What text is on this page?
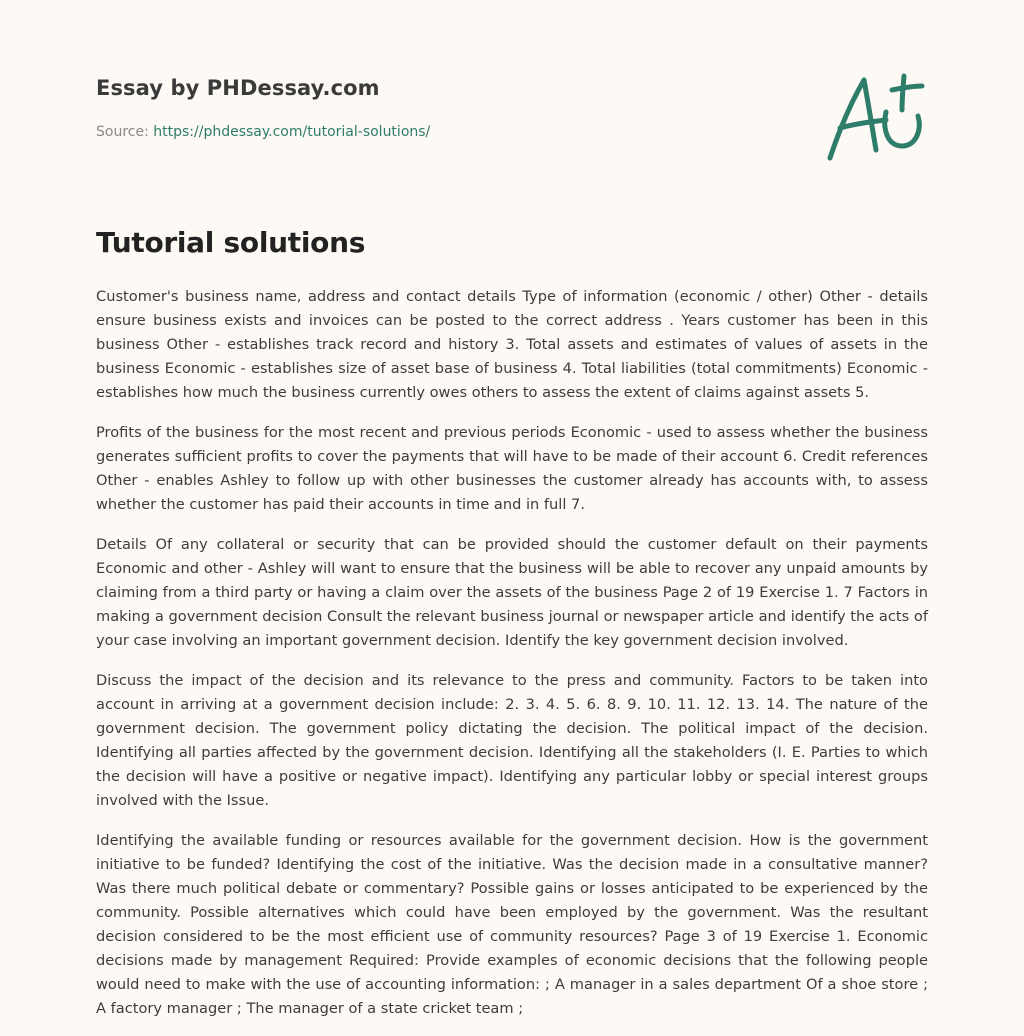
Essay by PHDessay.com
Source: https://phdessay.com/tutorial-solutions/
Tutorial solutions

Customer's business name, address and contact details Type of information (economic / other) Other - details ensure business exists and invoices can be posted to the correct address . Years customer has been in this business Other - establishes track record and history 3. Total assets and estimates of values of assets in the business Economic - establishes size of asset base of business 4. Total liabilities (total commitments) Economic - establishes how much the business currently owes others to assess the extent of claims against assets 5.

Profits of the business for the most recent and previous periods Economic - used to assess whether the business generates sufficient profits to cover the payments that will have to be made of their account 6. Credit references Other - enables Ashley to follow up with other businesses the customer already has accounts with, to assess whether the customer has paid their accounts in time and in full 7.

Details Of any collateral or security that can be provided should the customer default on their payments Economic and other - Ashley will want to ensure that the business will be able to recover any unpaid amounts by claiming from a third party or having a claim over the assets of the business Page 2 of 19 Exercise 1. 7 Factors in making a government decision Consult the relevant business journal or newspaper article and identify the acts of your case involving an important government decision. Identify the key government decision involved.

Discuss the impact of the decision and its relevance to the press and community. Factors to be taken into account in arriving at a government decision include: 2. 3. 4. 5. 6. 8. 9. 10. 11. 12. 13. 14. The nature of the government decision. The government policy dictating the decision. The political impact of the decision. Identifying all parties affected by the government decision. Identifying all the stakeholders (I. E. Parties to which the decision will have a positive or negative impact). Identifying any particular lobby or special interest groups involved with the Issue.

Identifying the available funding or resources available for the government decision. How is the government initiative to be funded? Identifying the cost of the initiative. Was the decision made in a consultative manner? Was there much political debate or commentary? Possible gains or losses anticipated to be experienced by the community. Possible alternatives which could have been employed by the government. Was the resultant decision considered to be the most efficient use of community resources? Page 3 of 19 Exercise 1. Economic decisions made by management Required: Provide examples of economic decisions that the following people would need to make with the use of accounting information: ; A manager in a sales department Of a shoe store ; A factory manager ; The manager of a state cricket team ;
